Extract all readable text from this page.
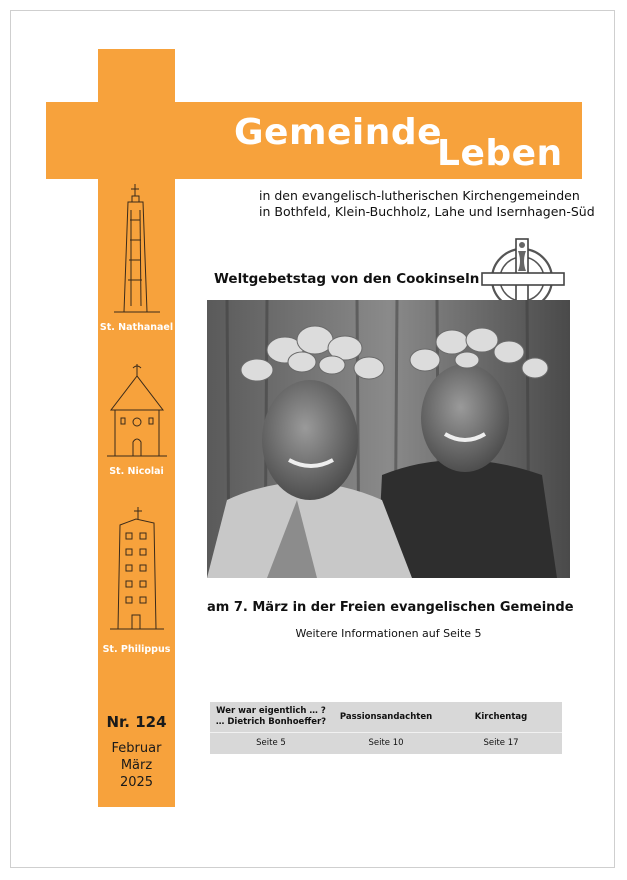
Gemeinde
Leben
in den evangelisch-lutherischen Kirchengemeinden
in Bothfeld, Klein-Buchholz, Lahe und Isernhagen-Süd
St. Nathanael
St. Nicolai
St. Philippus
Nr. 124
Februar
März
2025
Weltgebetstag von den Cookinseln
am 7. März in der Freien evangelischen Gemeinde
Weitere Informationen auf Seite 5
Wer war eigentlich … ?
… Dietrich Bonhoeffer?	Passionsandachten	Kirchentag
Seite 5	Seite 10	Seite 17
